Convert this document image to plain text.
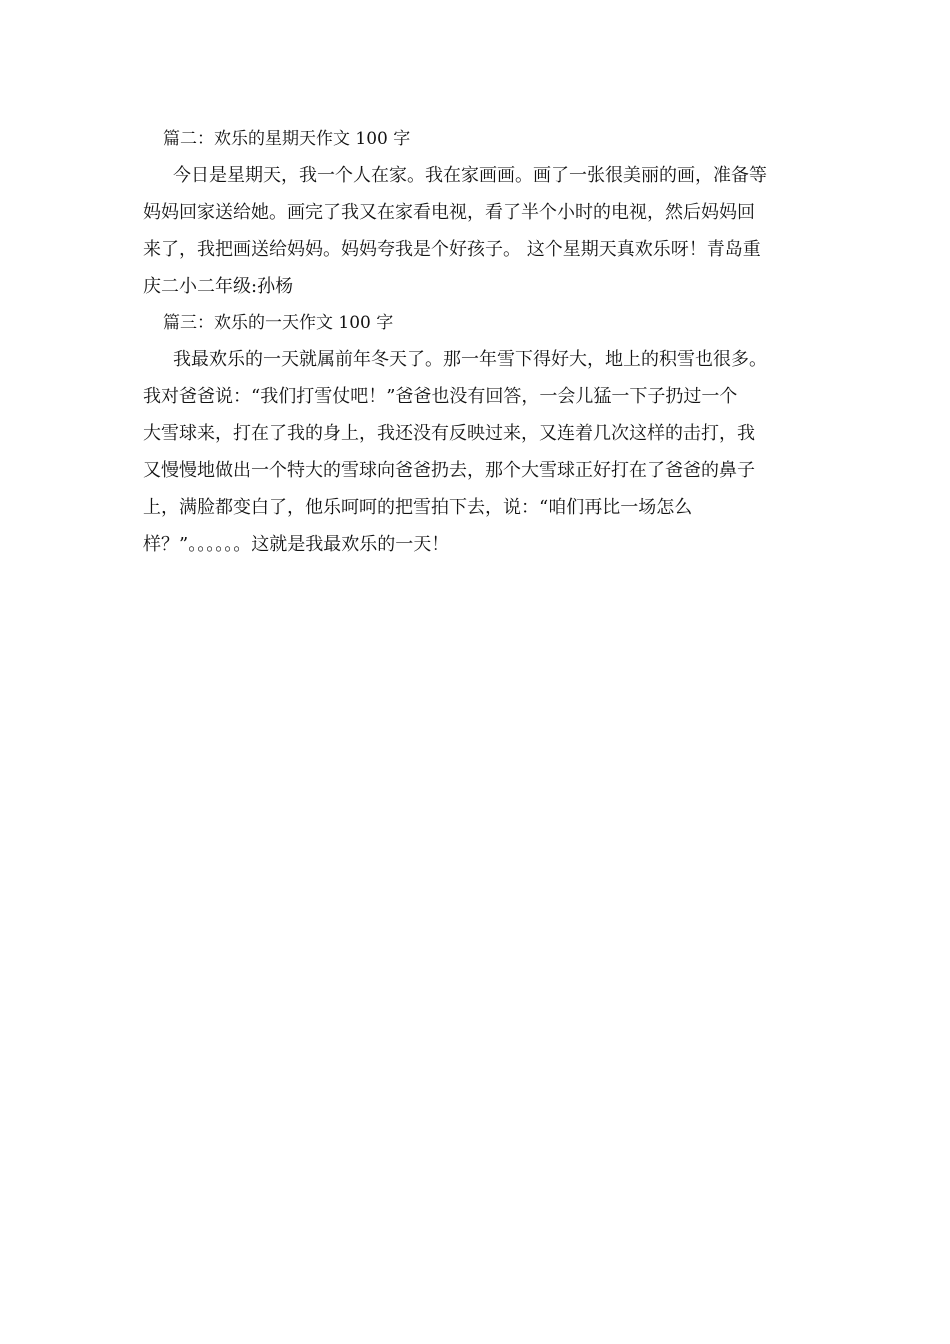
篇二：欢乐的星期天作文 100 字

今日是星期天，我一个人在家。我在家画画。画了一张很美丽的画，准备等

妈妈回家送给她。画完了我又在家看电视，看了半个小时的电视，然后妈妈回

来了，我把画送给妈妈。妈妈夸我是个好孩子。 这个星期天真欢乐呀！青岛重

庆二小二年级:孙杨

篇三：欢乐的一天作文 100 字

我最欢乐的一天就属前年冬天了。那一年雪下得好大，地上的积雪也很多。

我对爸爸说：“我们打雪仗吧！”爸爸也没有回答，一会儿猛一下子扔过一个

大雪球来，打在了我的身上，我还没有反映过来，又连着几次这样的击打，我

又慢慢地做出一个特大的雪球向爸爸扔去，那个大雪球正好打在了爸爸的鼻子

上，满脸都变白了，他乐呵呵的把雪拍下去，说：“咱们再比一场怎么

样？”。。。。。。这就是我最欢乐的一天！
